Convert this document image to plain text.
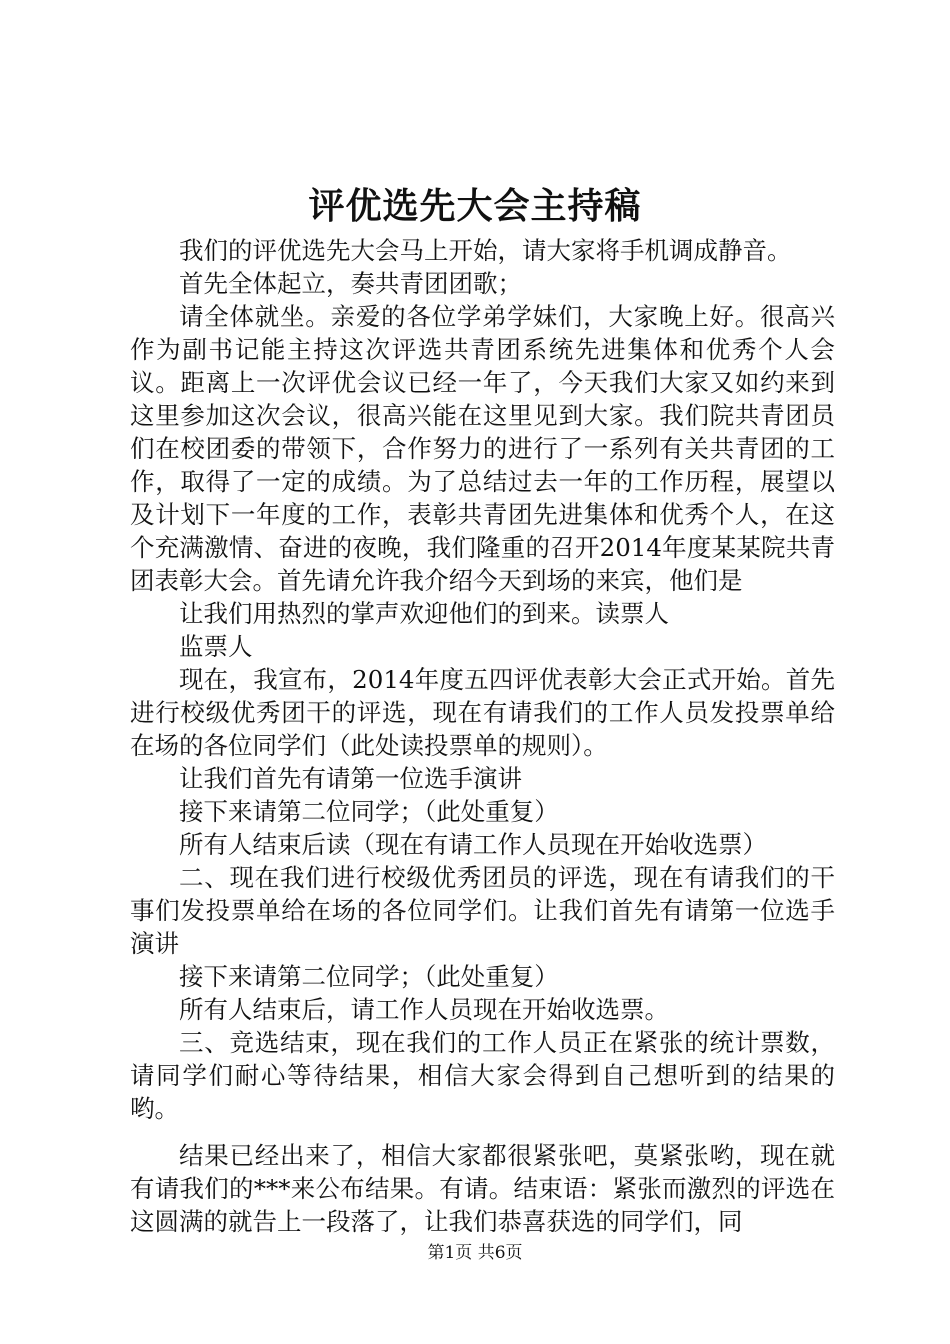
评优选先大会主持稿

我们的评优选先大会马上开始，请大家将手机调成静音。

首先全体起立，奏共青团团歌；

请全体就坐。亲爱的各位学弟学妹们，大家晚上好。很高兴作为副书记能主持这次评选共青团系统先进集体和优秀个人会议。距离上一次评优会议已经一年了，今天我们大家又如约来到这里参加这次会议，很高兴能在这里见到大家。我们院共青团员们在校团委的带领下，合作努力的进行了一系列有关共青团的工作，取得了一定的成绩。为了总结过去一年的工作历程，展望以及计划下一年度的工作，表彰共青团先进集体和优秀个人，在这个充满激情、奋进的夜晚，我们隆重的召开2014年度某某院共青团表彰大会。首先请允许我介绍今天到场的来宾，他们是

让我们用热烈的掌声欢迎他们的到来。读票人

监票人

现在，我宣布，2014年度五四评优表彰大会正式开始。首先进行校级优秀团干的评选，现在有请我们的工作人员发投票单给在场的各位同学们（此处读投票单的规则）。

让我们首先有请第一位选手演讲

接下来请第二位同学；（此处重复）

所有人结束后读（现在有请工作人员现在开始收选票）

二、现在我们进行校级优秀团员的评选，现在有请我们的干事们发投票单给在场的各位同学们。让我们首先有请第一位选手演讲

接下来请第二位同学；（此处重复）

所有人结束后，请工作人员现在开始收选票。

三、竞选结束，现在我们的工作人员正在紧张的统计票数，请同学们耐心等待结果，相信大家会得到自己想听到的结果的哟。

结果已经出来了，相信大家都很紧张吧，莫紧张哟，现在就有请我们的***来公布结果。有请。结束语：紧张而激烈的评选在这圆满的就告上一段落了，让我们恭喜获选的同学们，同

第1页 共6页
